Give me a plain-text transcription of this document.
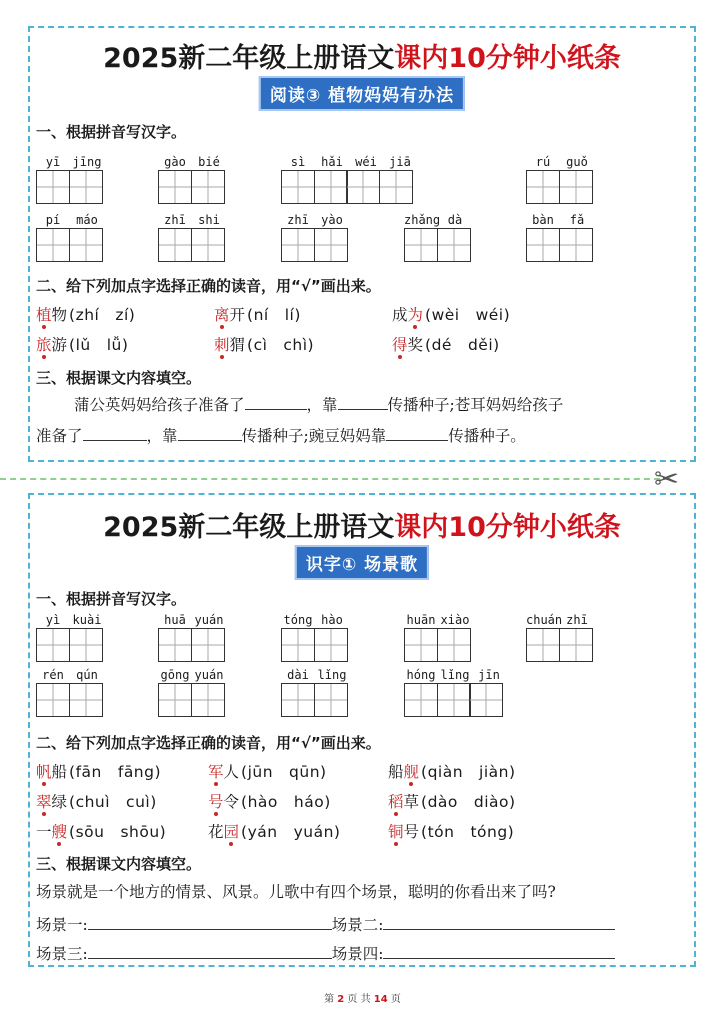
2025新二年级上册语文课内10分钟小纸条
阅读③ 植物妈妈有办法
一、根据拼音写汉字。
yī	jīng	gào	bié	sì	hǎi	wéi	jiā	rú	guǒ
pí	máo	zhī	shi	zhī	yào	zhǎng dà	bàn	fǎ
二、给下列加点字选择正确的读音，用“√”画出来。
植物 (zhí　zí)	离开 (ní　lí)	成为 (wèi　wéi)
旅游 (lǔ　lǚ)	刺猬 (cì　chì)	得奖 (dé　děi)
三、根据课文内容填空。
蒲公英妈妈给孩子准备了	，靠	传播种子;苍耳妈妈给孩子
准备了	，靠	传播种子;豌豆妈妈靠	传播种子。
✂
2025新二年级上册语文课内10分钟小纸条
识字① 场景歌
一、根据拼音写汉字。
yì	kuài	huā yuán	tóng hào	huān xiào	chuán zhī
rén	qún	gōng yuán	dài lǐng	hóng lǐng jīn
二、给下列加点字选择正确的读音，用“√”画出来。
帆船 (fān　fāng)	军人 (jūn　qūn)	船舰 (qiàn　jiàn)
翠绿 (chuì　cuì)	号令 (hào　háo)	稻草 (dào　diào)
一艘 (sōu　shōu)	花园 (yán　yuán)	铜号 (tón　tóng)
三、根据课文内容填空。
场景就是一个地方的情景、风景。儿歌中有四个场景，聪明的你看出来了吗?
场景一:	场景二:
场景三:	场景四:
第 2 页 共 14 页
